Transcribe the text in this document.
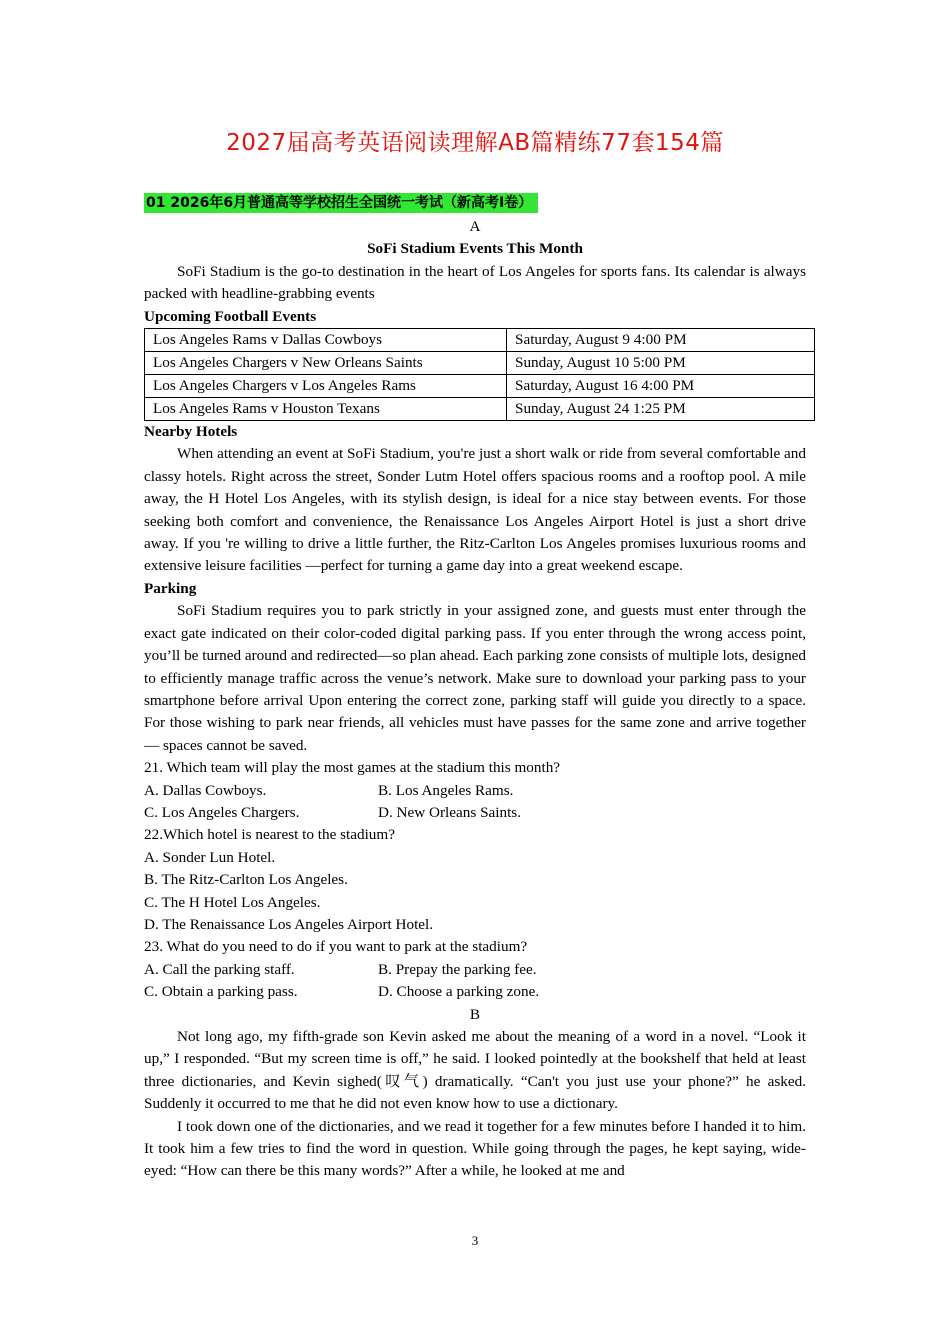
2027届高考英语阅读理解AB篇精练77套154篇
01 2026年6月普通高等学校招生全国统一考试（新高考I卷）

A

SoFi Stadium Events This Month

SoFi Stadium is the go-to destination in the heart of Los Angeles for sports fans. Its calendar is always packed with headline-grabbing events

Upcoming Football Events

Los Angeles Rams v Dallas Cowboys	Saturday, August 9 4:00 PM
Los Angeles Chargers v New Orleans Saints	Sunday, August 10 5:00 PM
Los Angeles Chargers v Los Angeles Rams	Saturday, August 16 4:00 PM
Los Angeles Rams v Houston Texans	Sunday, August 24 1:25 PM

Nearby Hotels

When attending an event at SoFi Stadium, you're just a short walk or ride from several comfortable and classy hotels. Right across the street, Sonder Lutm Hotel offers spacious rooms and a rooftop pool. A mile away, the H Hotel Los Angeles, with its stylish design, is ideal for a nice stay between events. For those seeking both comfort and convenience, the Renaissance Los Angeles Airport Hotel is just a short drive away. If you 're willing to drive a little further, the Ritz-Carlton Los Angeles promises luxurious rooms and extensive leisure facilities —perfect for turning a game day into a great weekend escape.

Parking

SoFi Stadium requires you to park strictly in your assigned zone, and guests must enter through the exact gate indicated on their color-coded digital parking pass. If you enter through the wrong access point, you’ll be turned around and redirected—so plan ahead. Each parking zone consists of multiple lots, designed to efficiently manage traffic across the venue’s network. Make sure to download your parking pass to your smartphone before arrival Upon entering the correct zone, parking staff will guide you directly to a space. For those wishing to park near friends, all vehicles must have passes for the same zone and arrive together — spaces cannot be saved.

21. Which team will play the most games at the stadium this month?

A. Dallas Cowboys.	B. Los Angeles Rams.
C. Los Angeles Chargers.	D. New Orleans Saints.

22.Which hotel is nearest to the stadium?

A. Sonder Lun Hotel.

B. The Ritz-Carlton Los Angeles.

C. The H Hotel Los Angeles.

D. The Renaissance Los Angeles Airport Hotel.

23. What do you need to do if you want to park at the stadium?

A. Call the parking staff.	B. Prepay the parking fee.
C. Obtain a parking pass.	D. Choose a parking zone.

B

Not long ago, my fifth-grade son Kevin asked me about the meaning of a word in a novel. “Look it up,” I responded. “But my screen time is off,” he said. I looked pointedly at the bookshelf that held at least three dictionaries, and Kevin sighed(叹气) dramatically. “Can't you just use your phone?” he asked. Suddenly it occurred to me that he did not even know how to use a dictionary.

I took down one of the dictionaries, and we read it together for a few minutes before I handed it to him. It took him a few tries to find the word in question. While going through the pages, he kept saying, wide-eyed: “How can there be this many words?” After a while, he looked at me and

3
